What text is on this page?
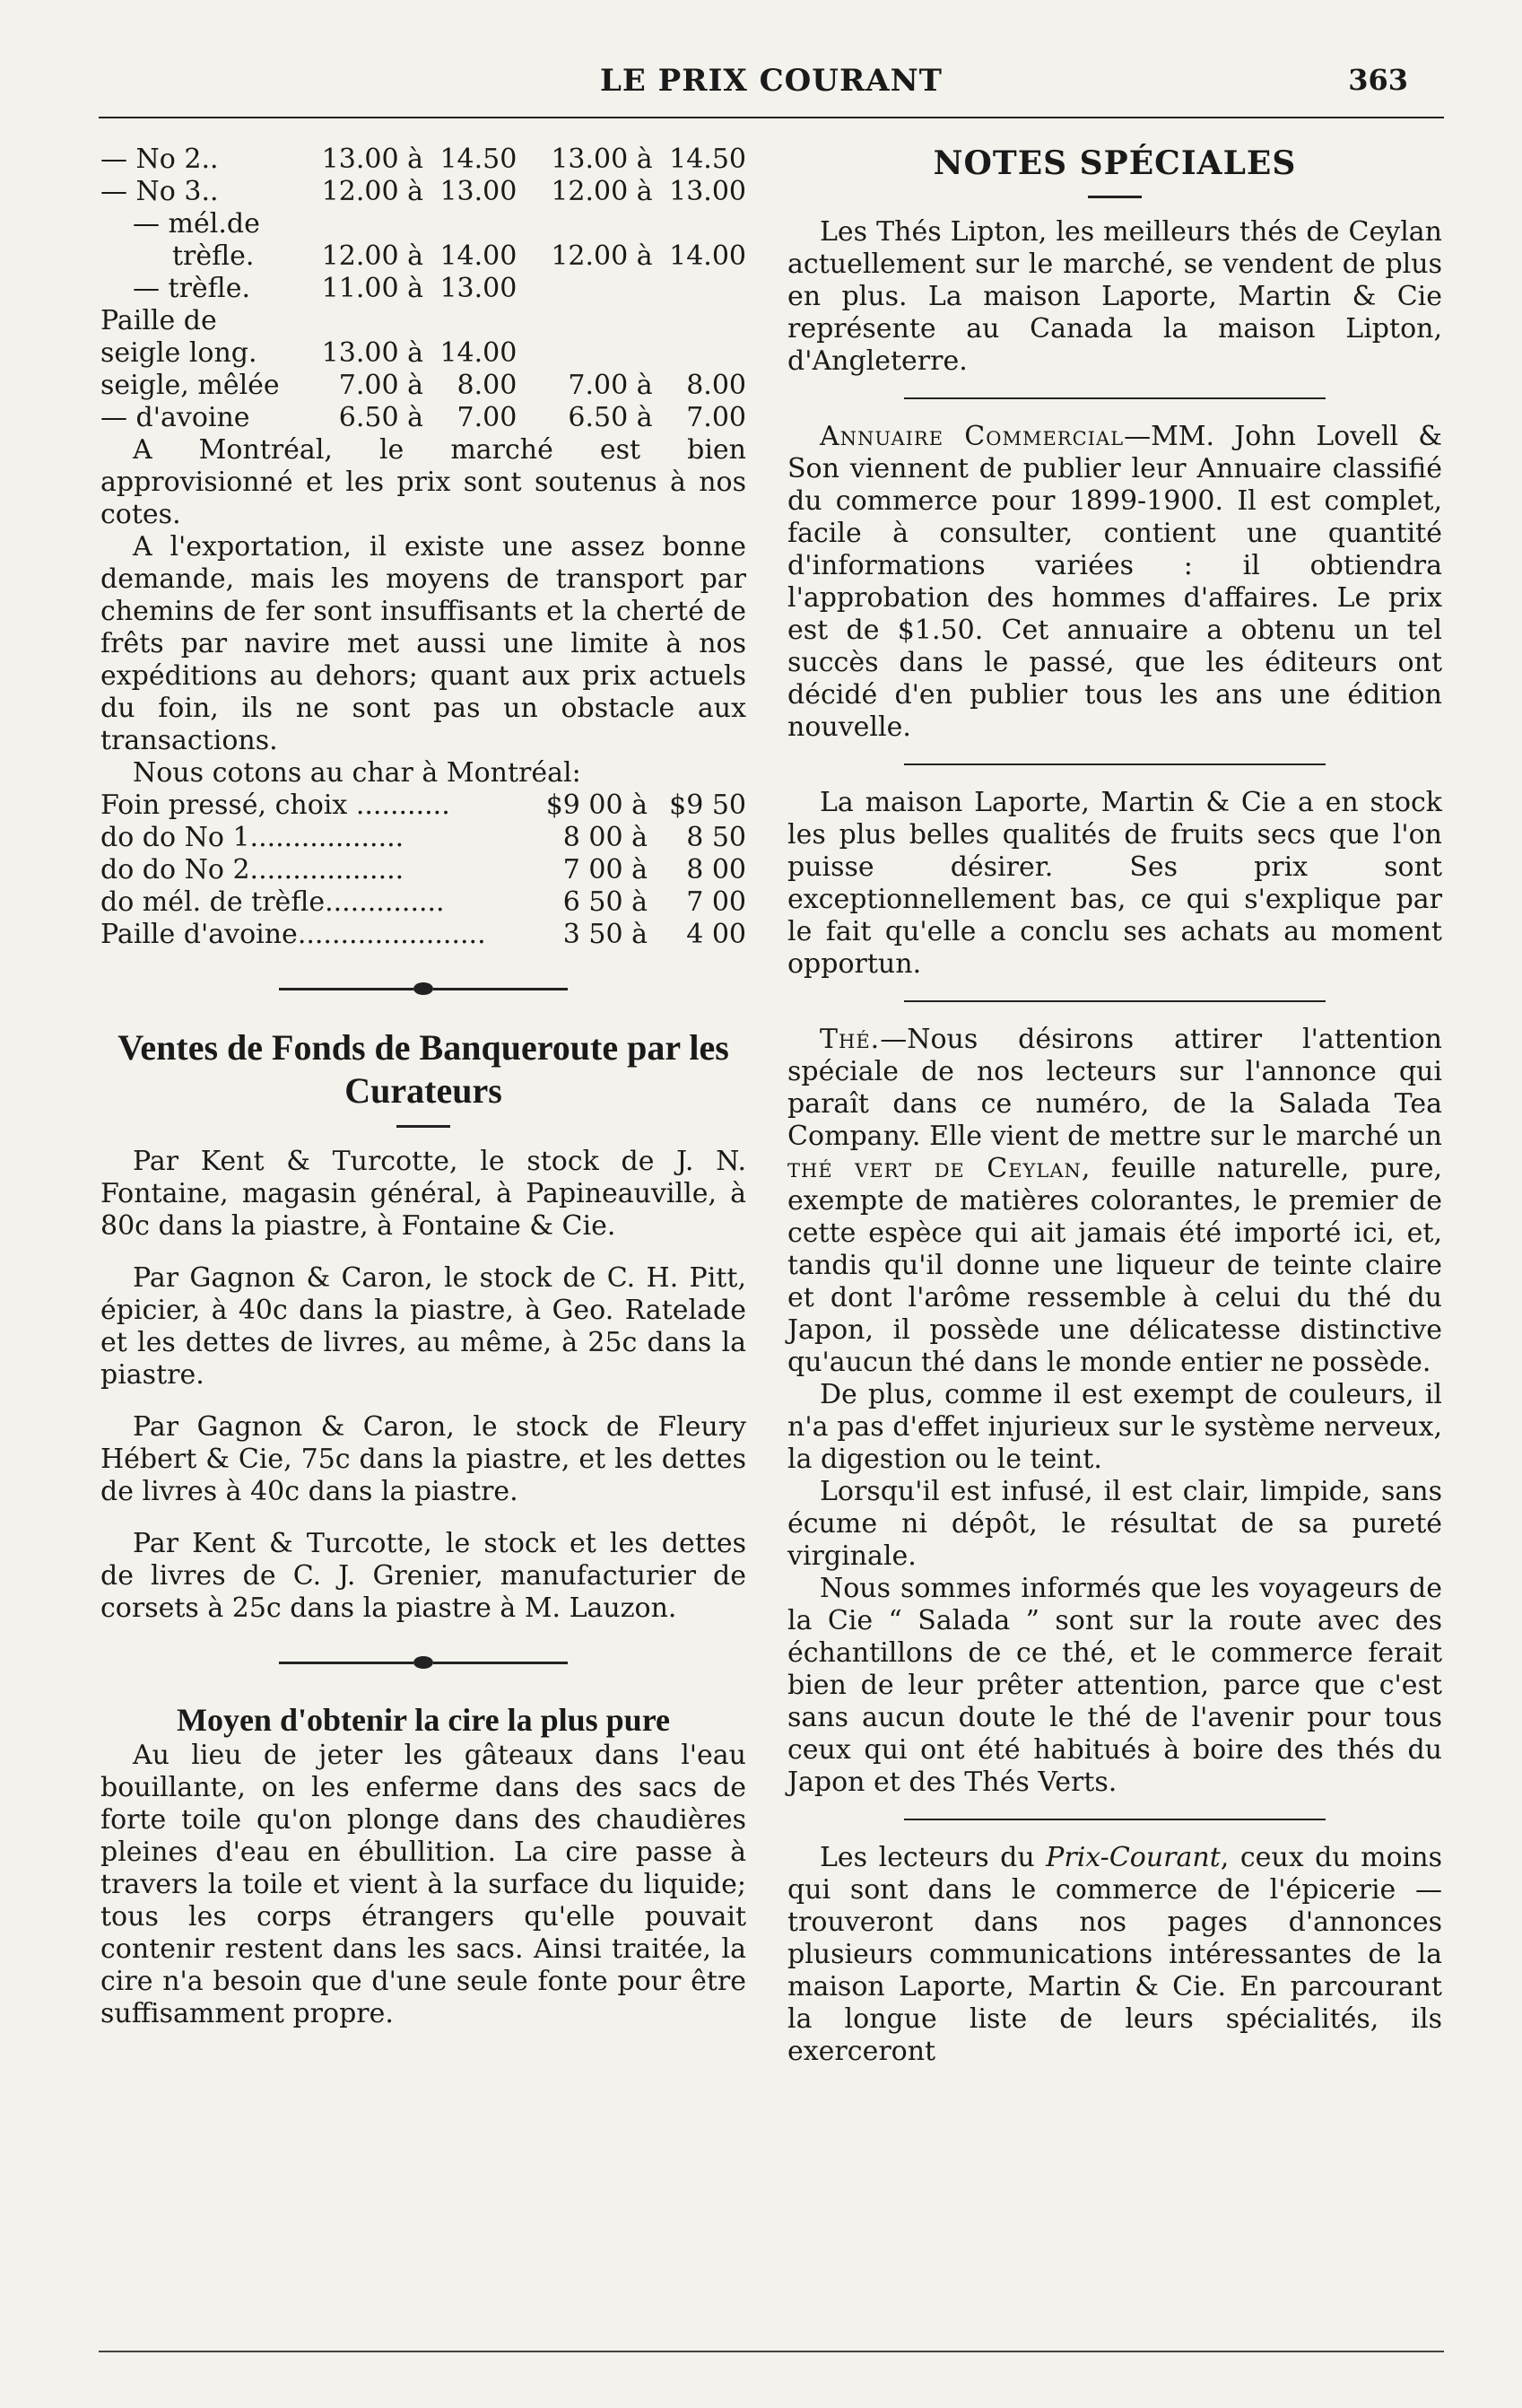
LE PRIX COURANT	363
— No 2..	13.00 à	14.50	13.00 à	14.50
— No 3..	12.00 à	13.00	12.00 à	13.00
— mél.de				
trèfle.	12.00 à	14.00	12.00 à	14.00
— trèfle.	11.00 à	13.00		
Paille de				
seigle long.	13.00 à	14.00		
seigle, mêlée	7.00 à	8.00	7.00 à	8.00
— d'avoine	6.50 à	7.00	6.50 à	7.00

A Montréal, le marché est bien approvisionné et les prix sont soutenus à nos cotes.

A l'exportation, il existe une assez bonne demande, mais les moyens de transport par chemins de fer sont insuffisants et la cherté de frêts par navire met aussi une limite à nos expéditions au dehors; quant aux prix actuels du foin, ils ne sont pas un obstacle aux transactions.

Nous cotons au char à Montréal:

Foin pressé, choix ...........	$9 00 à	$9 50
do do No 1..................	8 00 à	8 50
do do No 2..................	7 00 à	8 00
do mél. de trèfle..............	6 50 à	7 00
Paille d'avoine......................	3 50 à	4 00
Ventes de Fonds de Banqueroute par les Curateurs

Par Kent & Turcotte, le stock de J. N. Fontaine, magasin général, à Papineauville, à 80c dans la piastre, à Fontaine & Cie.

Par Gagnon & Caron, le stock de C. H. Pitt, épicier, à 40c dans la piastre, à Geo. Ratelade et les dettes de livres, au même, à 25c dans la piastre.

Par Gagnon & Caron, le stock de Fleury Hébert & Cie, 75c dans la piastre, et les dettes de livres à 40c dans la piastre.

Par Kent & Turcotte, le stock et les dettes de livres de C. J. Grenier, manufacturier de corsets à 25c dans la piastre à M. Lauzon.

Moyen d'obtenir la cire la plus pure

Au lieu de jeter les gâteaux dans l'eau bouillante, on les enferme dans des sacs de forte toile qu'on plonge dans des chaudières pleines d'eau en ébullition. La cire passe à travers la toile et vient à la surface du liquide; tous les corps étrangers qu'elle pouvait contenir restent dans les sacs. Ainsi traitée, la cire n'a besoin que d'une seule fonte pour être suffisamment propre.

NOTES SPÉCIALES

Les Thés Lipton, les meilleurs thés de Ceylan actuellement sur le marché, se vendent de plus en plus. La maison Laporte, Martin & Cie représente au Canada la maison Lipton, d'Angleterre.

Annuaire Commercial—MM. John Lovell & Son viennent de publier leur Annuaire classifié du commerce pour 1899-1900. Il est complet, facile à consulter, contient une quantité d'informations variées : il obtiendra l'approbation des hommes d'affaires. Le prix est de $1.50. Cet annuaire a obtenu un tel succès dans le passé, que les éditeurs ont décidé d'en publier tous les ans une édition nouvelle.

La maison Laporte, Martin & Cie a en stock les plus belles qualités de fruits secs que l'on puisse désirer. Ses prix sont exceptionnellement bas, ce qui s'explique par le fait qu'elle a conclu ses achats au moment opportun.

Thé.—Nous désirons attirer l'attention spéciale de nos lecteurs sur l'annonce qui paraît dans ce numéro, de la Salada Tea Company. Elle vient de mettre sur le marché un thé vert de Ceylan, feuille naturelle, pure, exempte de matières colorantes, le premier de cette espèce qui ait jamais été importé ici, et, tandis qu'il donne une liqueur de teinte claire et dont l'arôme ressemble à celui du thé du Japon, il possède une délicatesse distinctive qu'aucun thé dans le monde entier ne possède.

De plus, comme il est exempt de couleurs, il n'a pas d'effet injurieux sur le système nerveux, la digestion ou le teint.

Lorsqu'il est infusé, il est clair, limpide, sans écume ni dépôt, le résultat de sa pureté virginale.

Nous sommes informés que les voyageurs de la Cie “ Salada ” sont sur la route avec des échantillons de ce thé, et le commerce ferait bien de leur prêter attention, parce que c'est sans aucun doute le thé de l'avenir pour tous ceux qui ont été habitués à boire des thés du Japon et des Thés Verts.

Les lecteurs du Prix-Courant, ceux du moins qui sont dans le commerce de l'épicerie — trouveront dans nos pages d'annonces plusieurs communications intéressantes de la maison Laporte, Martin & Cie. En parcourant la longue liste de leurs spécialités, ils exerceront
